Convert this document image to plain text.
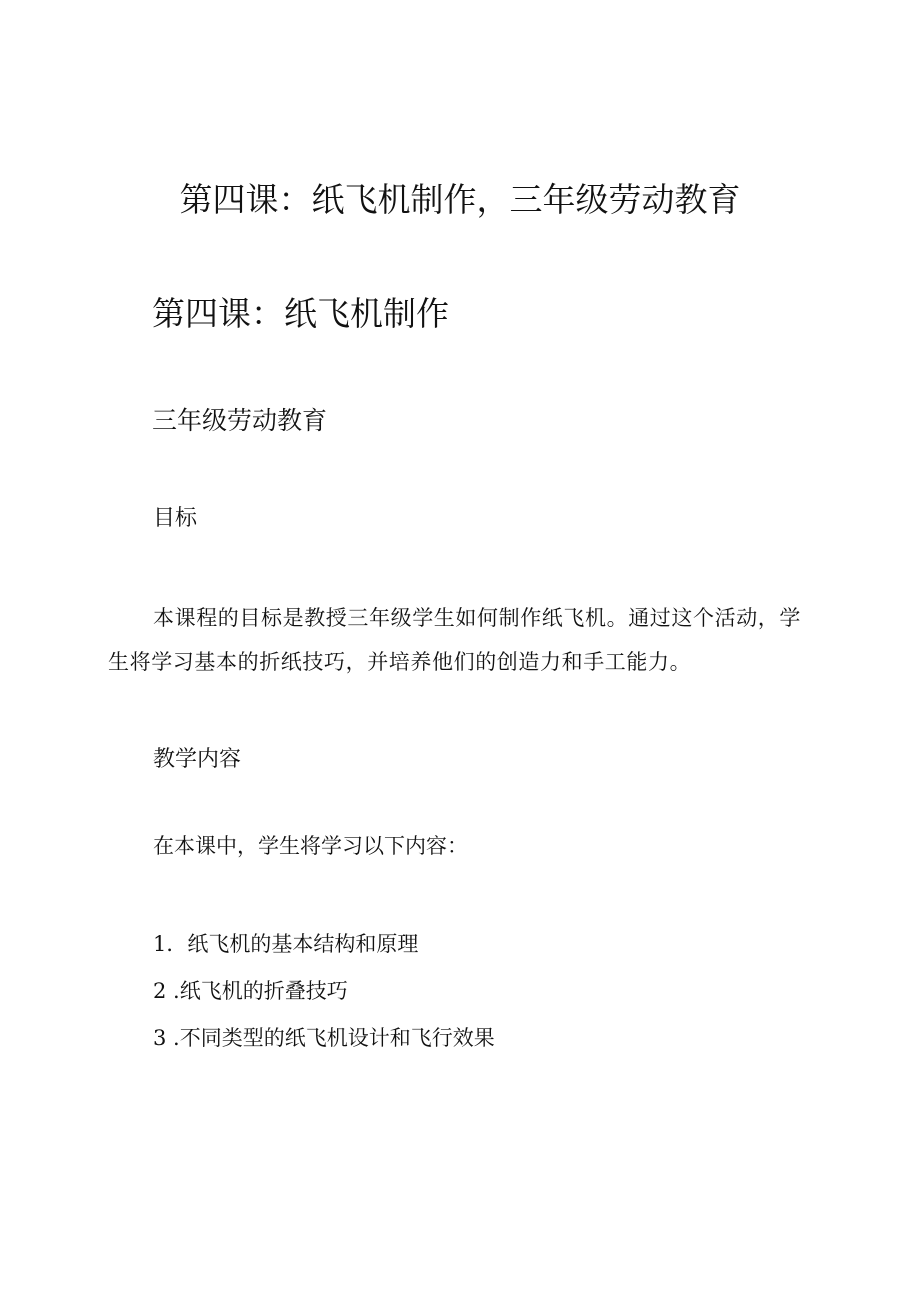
第四课：纸飞机制作，三年级劳动教育
第四课：纸飞机制作
三年级劳动教育
目标

本课程的目标是教授三年级学生如何制作纸飞机。通过这个活动，学生将学习基本的折纸技巧，并培养他们的创造力和手工能力。

教学内容

在本课中，学生将学习以下内容：

1．纸飞机的基本结构和原理
2 .纸飞机的折叠技巧
3 .不同类型的纸飞机设计和飞行效果
